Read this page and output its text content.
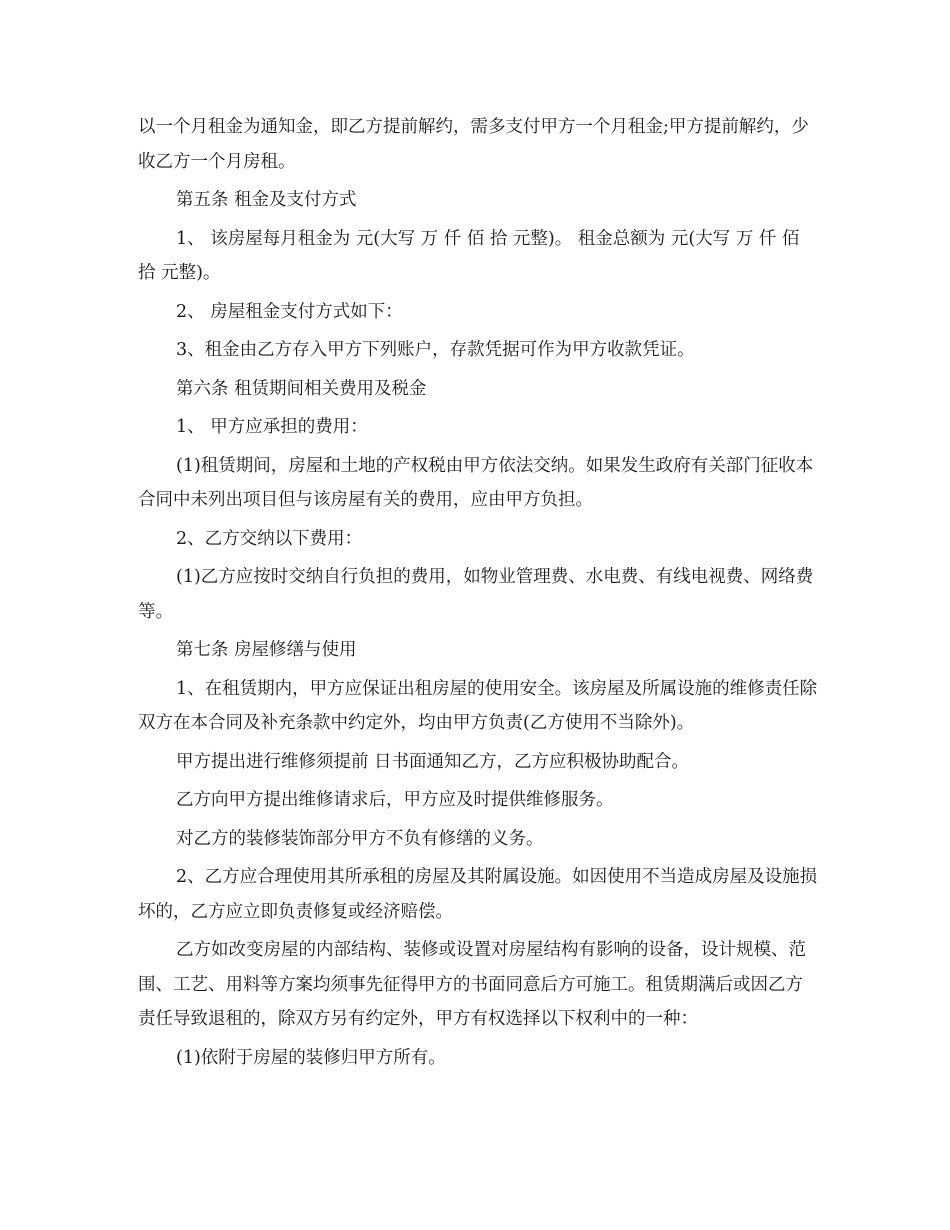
以一个月租金为通知金，即乙方提前解约，需多支付甲方一个月租金;甲方提前解约，少收乙方一个月房租。

第五条 租金及支付方式

1、 该房屋每月租金为 元(大写 万 仟 佰 拾 元整)。 租金总额为 元(大写 万 仟 佰 拾 元整)。

2、 房屋租金支付方式如下：

3、租金由乙方存入甲方下列账户，存款凭据可作为甲方收款凭证。

第六条 租赁期间相关费用及税金

1、 甲方应承担的费用：

(1)租赁期间，房屋和土地的产权税由甲方依法交纳。如果发生政府有关部门征收本合同中未列出项目但与该房屋有关的费用，应由甲方负担。

2、乙方交纳以下费用：

(1)乙方应按时交纳自行负担的费用，如物业管理费、水电费、有线电视费、网络费等。

第七条 房屋修缮与使用

1、在租赁期内，甲方应保证出租房屋的使用安全。该房屋及所属设施的维修责任除双方在本合同及补充条款中约定外，均由甲方负责(乙方使用不当除外)。

甲方提出进行维修须提前 日书面通知乙方，乙方应积极协助配合。

乙方向甲方提出维修请求后，甲方应及时提供维修服务。

对乙方的装修装饰部分甲方不负有修缮的义务。

2、乙方应合理使用其所承租的房屋及其附属设施。如因使用不当造成房屋及设施损坏的，乙方应立即负责修复或经济赔偿。

乙方如改变房屋的内部结构、装修或设置对房屋结构有影响的设备，设计规模、范围、工艺、用料等方案均须事先征得甲方的书面同意后方可施工。租赁期满后或因乙方责任导致退租的，除双方另有约定外，甲方有权选择以下权利中的一种：

(1)依附于房屋的装修归甲方所有。
